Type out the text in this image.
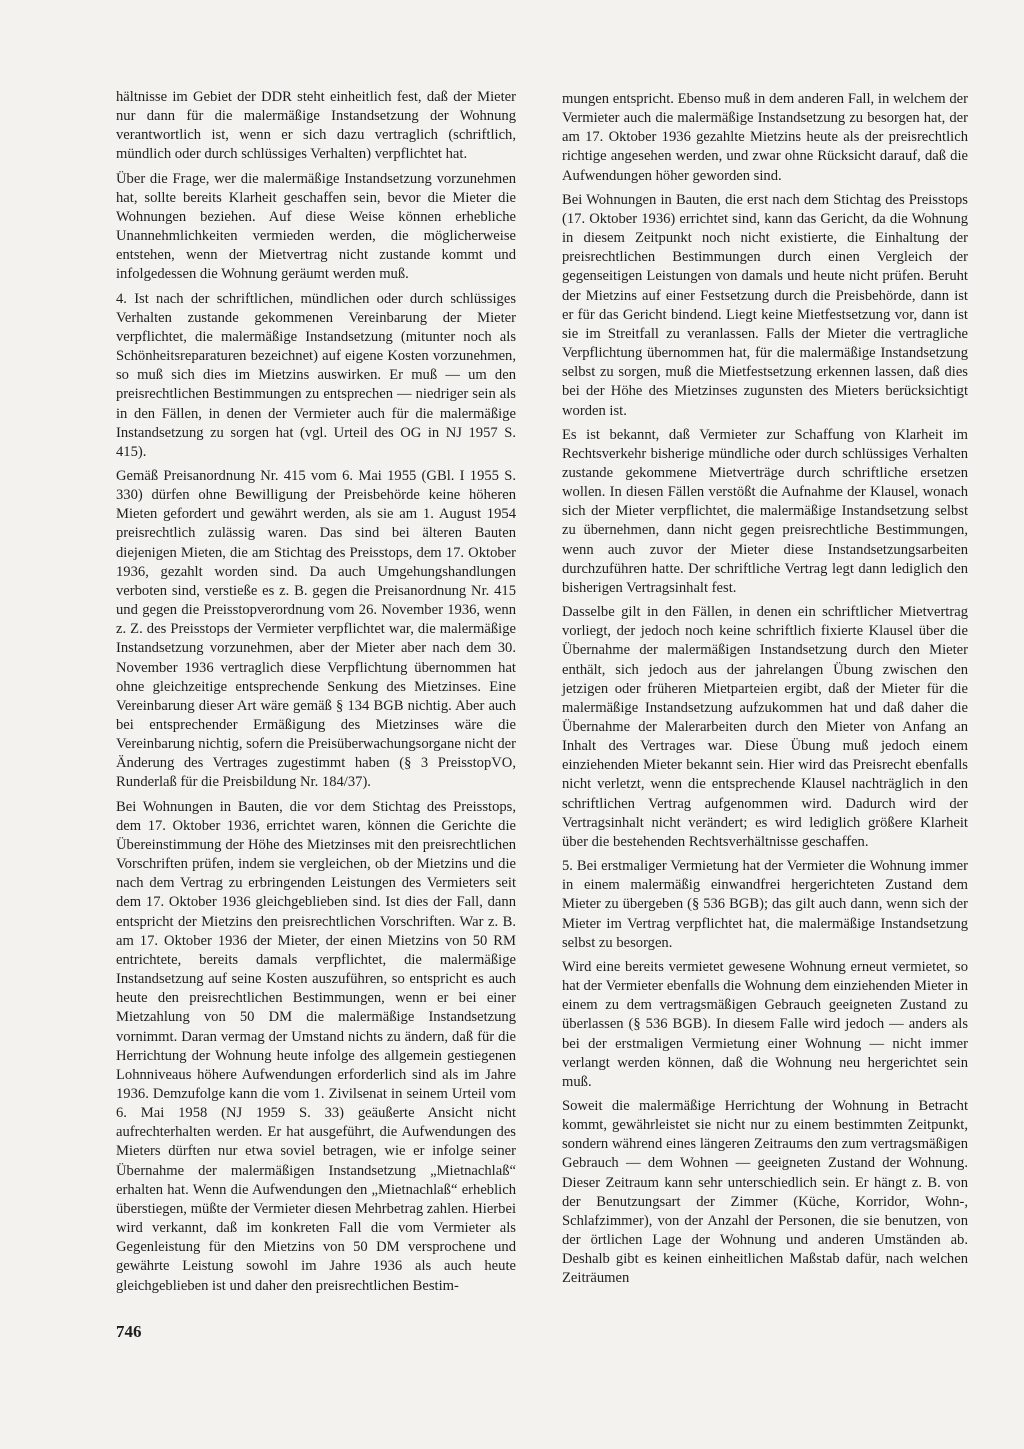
hältnisse im Gebiet der DDR steht einheitlich fest, daß der Mieter nur dann für die malermäßige Instandsetzung der Wohnung verantwortlich ist, wenn er sich dazu vertraglich (schriftlich, mündlich oder durch schlüssiges Verhalten) verpflichtet hat.

Über die Frage, wer die malermäßige Instandsetzung vorzunehmen hat, sollte bereits Klarheit geschaffen sein, bevor die Mieter die Wohnungen beziehen. Auf diese Weise können erhebliche Unannehmlichkeiten vermieden werden, die möglicherweise entstehen, wenn der Mietvertrag nicht zustande kommt und infolgedessen die Wohnung geräumt werden muß.

4. Ist nach der schriftlichen, mündlichen oder durch schlüssiges Verhalten zustande gekommenen Vereinbarung der Mieter verpflichtet, die malermäßige Instandsetzung (mitunter noch als Schönheitsreparaturen bezeichnet) auf eigene Kosten vorzunehmen, so muß sich dies im Mietzins auswirken. Er muß — um den preisrechtlichen Bestimmungen zu entsprechen — niedriger sein als in den Fällen, in denen der Vermieter auch für die malermäßige Instandsetzung zu sorgen hat (vgl. Urteil des OG in NJ 1957 S. 415).

Gemäß Preisanordnung Nr. 415 vom 6. Mai 1955 (GBl. I 1955 S. 330) dürfen ohne Bewilligung der Preisbehörde keine höheren Mieten gefordert und gewährt werden, als sie am 1. August 1954 preisrechtlich zulässig waren. Das sind bei älteren Bauten diejenigen Mieten, die am Stichtag des Preisstops, dem 17. Oktober 1936, gezahlt worden sind. Da auch Umgehungshandlungen verboten sind, verstieße es z. B. gegen die Preisanordnung Nr. 415 und gegen die Preisstopverordnung vom 26. November 1936, wenn z. Z. des Preisstops der Vermieter verpflichtet war, die malermäßige Instandsetzung vorzunehmen, aber der Mieter aber nach dem 30. November 1936 vertraglich diese Verpflichtung übernommen hat ohne gleichzeitige entsprechende Senkung des Mietzinses. Eine Vereinbarung dieser Art wäre gemäß § 134 BGB nichtig. Aber auch bei entsprechender Ermäßigung des Mietzinses wäre die Vereinbarung nichtig, sofern die Preisüberwachungsorgane nicht der Änderung des Vertrages zugestimmt haben (§ 3 PreisstopVO, Runderlaß für die Preisbildung Nr. 184/37).

Bei Wohnungen in Bauten, die vor dem Stichtag des Preisstops, dem 17. Oktober 1936, errichtet waren, können die Gerichte die Übereinstimmung der Höhe des Mietzinses mit den preisrechtlichen Vorschriften prüfen, indem sie vergleichen, ob der Mietzins und die nach dem Vertrag zu erbringenden Leistungen des Vermieters seit dem 17. Oktober 1936 gleichgeblieben sind. Ist dies der Fall, dann entspricht der Mietzins den preisrechtlichen Vorschriften. War z. B. am 17. Oktober 1936 der Mieter, der einen Mietzins von 50 RM entrichtete, bereits damals verpflichtet, die malermäßige Instandsetzung auf seine Kosten auszuführen, so entspricht es auch heute den preisrechtlichen Bestimmungen, wenn er bei einer Mietzahlung von 50 DM die malermäßige Instandsetzung vornimmt. Daran vermag der Umstand nichts zu ändern, daß für die Herrichtung der Wohnung heute infolge des allgemein gestiegenen Lohnniveaus höhere Aufwendungen erforderlich sind als im Jahre 1936. Demzufolge kann die vom 1. Zivilsenat in seinem Urteil vom 6. Mai 1958 (NJ 1959 S. 33) geäußerte Ansicht nicht aufrechterhalten werden. Er hat ausgeführt, die Aufwendungen des Mieters dürften nur etwa soviel betragen, wie er infolge seiner Übernahme der malermäßigen Instandsetzung „Mietnachlaß“ erhalten hat. Wenn die Aufwendungen den „Mietnachlaß“ erheblich überstiegen, müßte der Vermieter diesen Mehrbetrag zahlen. Hierbei wird verkannt, daß im konkreten Fall die vom Vermieter als Gegenleistung für den Mietzins von 50 DM versprochene und gewährte Leistung sowohl im Jahre 1936 als auch heute gleichgeblieben ist und daher den preisrechtlichen Bestim-

mungen entspricht. Ebenso muß in dem anderen Fall, in welchem der Vermieter auch die malermäßige Instandsetzung zu besorgen hat, der am 17. Oktober 1936 gezahlte Mietzins heute als der preisrechtlich richtige angesehen werden, und zwar ohne Rücksicht darauf, daß die Aufwendungen höher geworden sind.

Bei Wohnungen in Bauten, die erst nach dem Stichtag des Preisstops (17. Oktober 1936) errichtet sind, kann das Gericht, da die Wohnung in diesem Zeitpunkt noch nicht existierte, die Einhaltung der preisrechtlichen Bestimmungen durch einen Vergleich der gegenseitigen Leistungen von damals und heute nicht prüfen. Beruht der Mietzins auf einer Festsetzung durch die Preisbehörde, dann ist er für das Gericht bindend. Liegt keine Mietfestsetzung vor, dann ist sie im Streitfall zu veranlassen. Falls der Mieter die vertragliche Verpflichtung übernommen hat, für die malermäßige Instandsetzung selbst zu sorgen, muß die Mietfestsetzung erkennen lassen, daß dies bei der Höhe des Mietzinses zugunsten des Mieters berücksichtigt worden ist.

Es ist bekannt, daß Vermieter zur Schaffung von Klarheit im Rechtsverkehr bisherige mündliche oder durch schlüssiges Verhalten zustande gekommene Mietverträge durch schriftliche ersetzen wollen. In diesen Fällen verstößt die Aufnahme der Klausel, wonach sich der Mieter verpflichtet, die malermäßige Instandsetzung selbst zu übernehmen, dann nicht gegen preisrechtliche Bestimmungen, wenn auch zuvor der Mieter diese Instandsetzungsarbeiten durchzuführen hatte. Der schriftliche Vertrag legt dann lediglich den bisherigen Vertragsinhalt fest.

Dasselbe gilt in den Fällen, in denen ein schriftlicher Mietvertrag vorliegt, der jedoch noch keine schriftlich fixierte Klausel über die Übernahme der malermäßigen Instandsetzung durch den Mieter enthält, sich jedoch aus der jahrelangen Übung zwischen den jetzigen oder früheren Mietparteien ergibt, daß der Mieter für die malermäßige Instandsetzung aufzukommen hat und daß daher die Übernahme der Malerarbeiten durch den Mieter von Anfang an Inhalt des Vertrages war. Diese Übung muß jedoch einem einziehenden Mieter bekannt sein. Hier wird das Preisrecht ebenfalls nicht verletzt, wenn die entsprechende Klausel nachträglich in den schriftlichen Vertrag aufgenommen wird. Dadurch wird der Vertragsinhalt nicht verändert; es wird lediglich größere Klarheit über die bestehenden Rechtsverhältnisse geschaffen.

5. Bei erstmaliger Vermietung hat der Vermieter die Wohnung immer in einem malermäßig einwandfrei hergerichteten Zustand dem Mieter zu übergeben (§ 536 BGB); das gilt auch dann, wenn sich der Mieter im Vertrag verpflichtet hat, die malermäßige Instandsetzung selbst zu besorgen.

Wird eine bereits vermietet gewesene Wohnung erneut vermietet, so hat der Vermieter ebenfalls die Wohnung dem einziehenden Mieter in einem zu dem vertragsmäßigen Gebrauch geeigneten Zustand zu überlassen (§ 536 BGB). In diesem Falle wird jedoch — anders als bei der erstmaligen Vermietung einer Wohnung — nicht immer verlangt werden können, daß die Wohnung neu hergerichtet sein muß.

Soweit die malermäßige Herrichtung der Wohnung in Betracht kommt, gewährleistet sie nicht nur zu einem bestimmten Zeitpunkt, sondern während eines längeren Zeitraums den zum vertragsmäßigen Gebrauch — dem Wohnen — geeigneten Zustand der Wohnung. Dieser Zeitraum kann sehr unterschiedlich sein. Er hängt z. B. von der Benutzungsart der Zimmer (Küche, Korridor, Wohn-, Schlafzimmer), von der Anzahl der Personen, die sie benutzen, von der örtlichen Lage der Wohnung und anderen Umständen ab. Deshalb gibt es keinen einheitlichen Maßstab dafür, nach welchen Zeiträumen

746
